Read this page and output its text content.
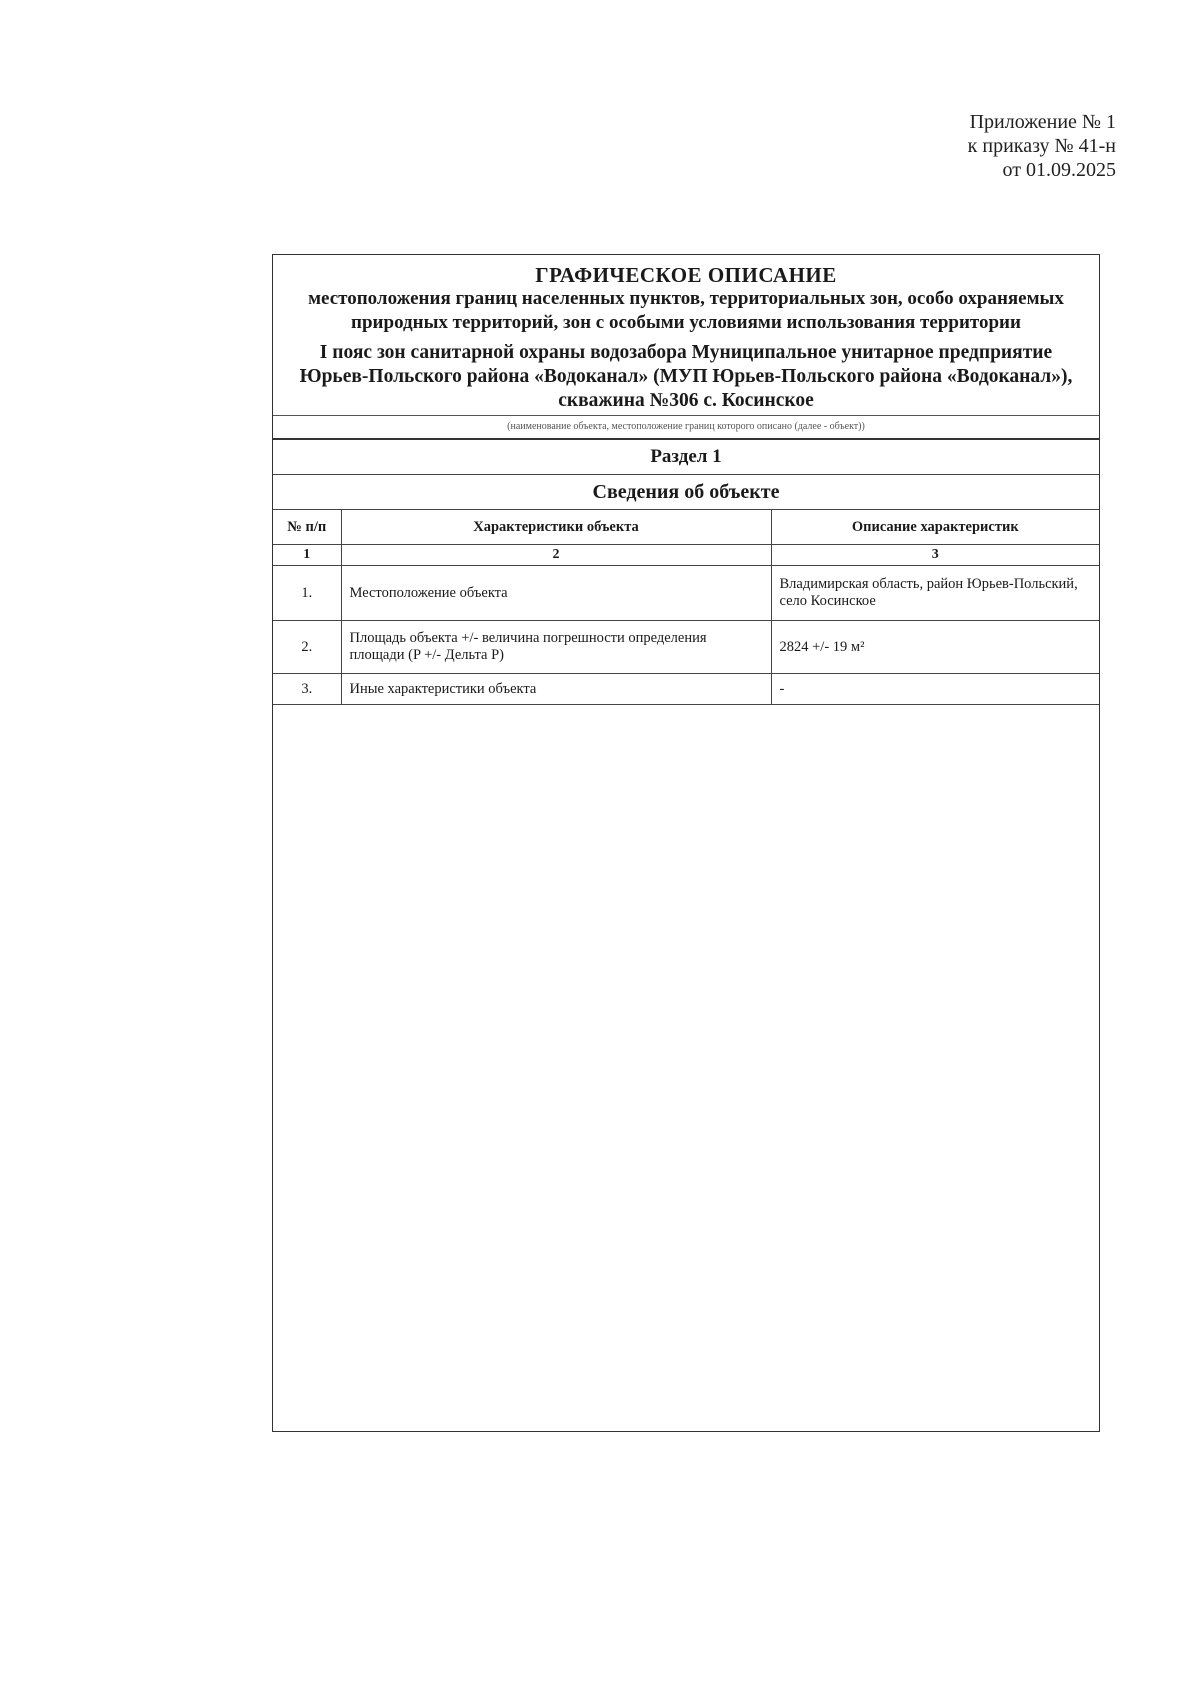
Приложение № 1
к приказу № 41-н
от 01.09.2025
ГРАФИЧЕСКОЕ ОПИСАНИЕ
местоположения границ населенных пунктов, территориальных зон, особо охраняемых природных территорий, зон с особыми условиями использования территории
I пояс зон санитарной охраны водозабора Муниципальное унитарное предприятие Юрьев-Польского района «Водоканал» (МУП Юрьев-Польского района «Водоканал»), скважина №306 с. Косинское
(наименование объекта, местоположение границ которого описано (далее - объект))
Раздел 1
Сведения об объекте
№ п/п	Характеристики объекта	Описание характеристик
1	2	3
1.	Местоположение объекта	Владимирская область, район Юрьев-Польский, село Косинское
2.	Площадь объекта +/- величина погрешности определения площади (P +/- Дельта P)	2824 +/- 19 м²
3.	Иные характеристики объекта	-
